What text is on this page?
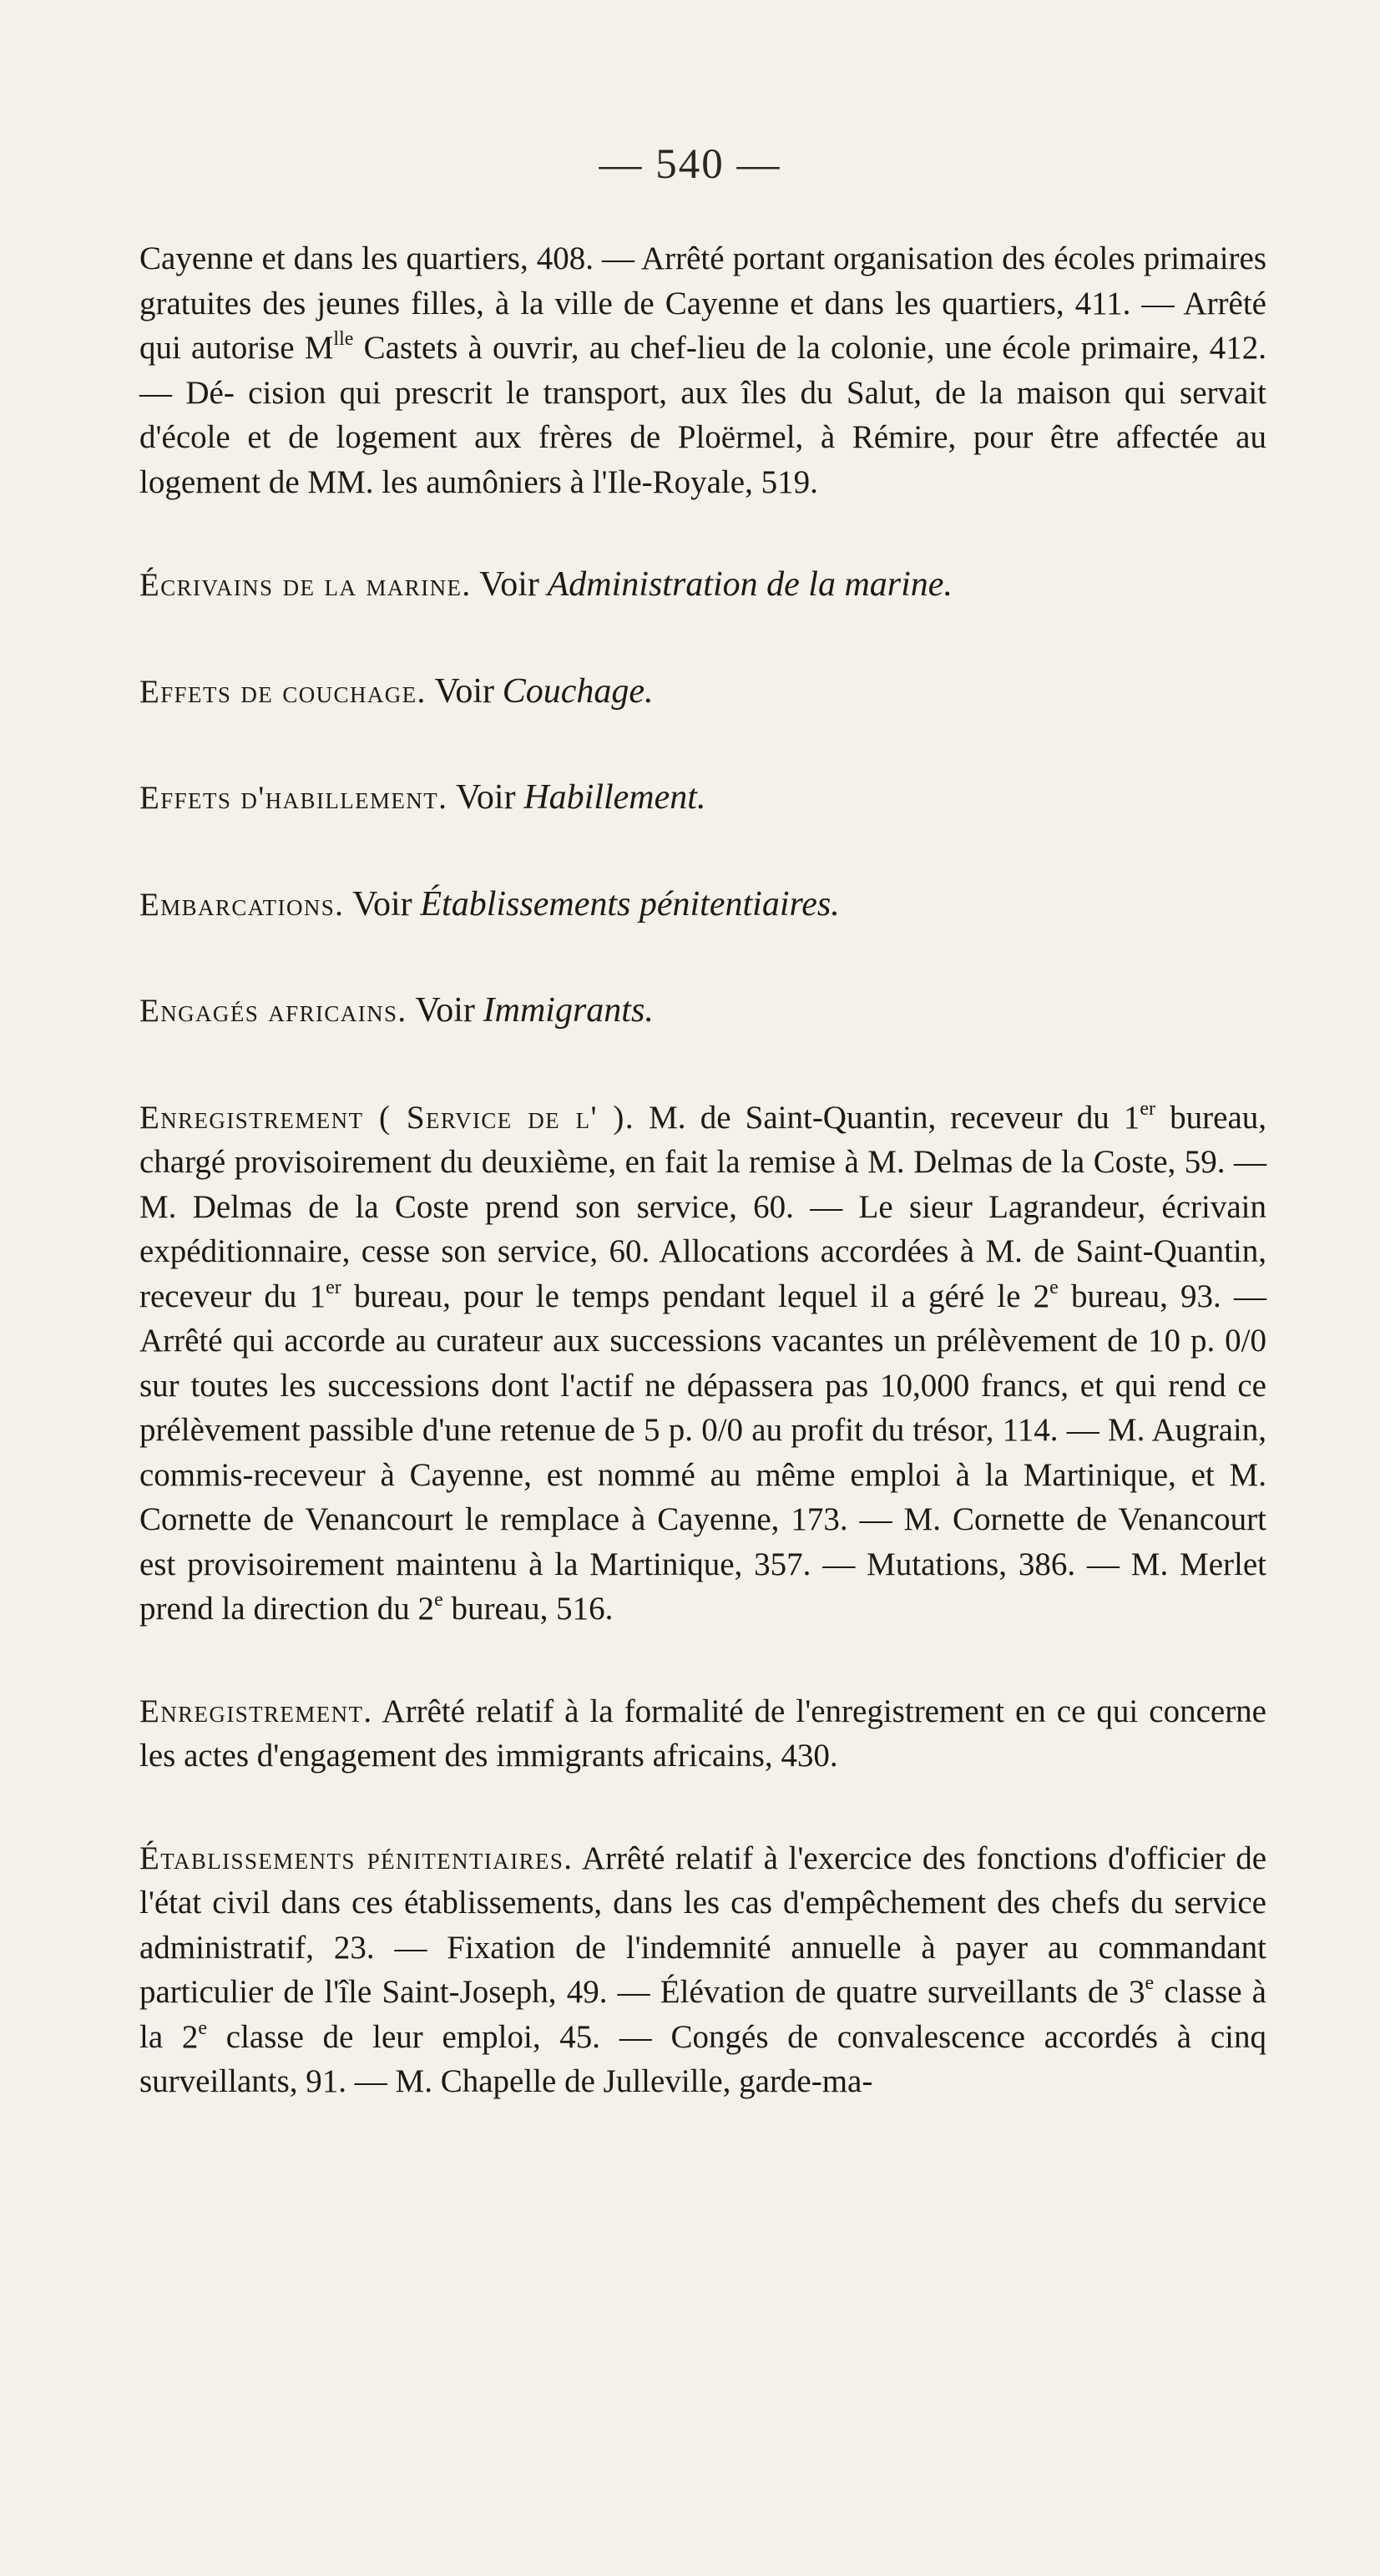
— 540 —

Cayenne et dans les quartiers, 408. — Arrêté portant organisation des écoles primaires gratuites des jeunes filles, à la ville de Cayenne et dans les quartiers, 411. — Arrêté qui autorise $M^{lle}$ Castets à ouvrir, au chef-lieu de la colonie, une école primaire, 412. — Dé- cision qui prescrit le transport, aux îles du Salut, de la maison qui servait d'école et de logement aux frères de Ploërmel, à Rémire, pour être affectée au logement de MM. les aumôniers à l'Ile-Royale, 519.

Écrivains de la marine. Voir Administration de la marine.

Effets de couchage. Voir Couchage.

Effets d'habillement. Voir Habillement.

Embarcations. Voir Établissements pénitentiaires.

Engagés africains. Voir Immigrants.

Enregistrement ( Service de l' ). M. de Saint-Quantin, receveur du 1er bureau, chargé provisoirement du deuxième, en fait la remise à M. Delmas de la Coste, 59. — M. Delmas de la Coste prend son service, 60. — Le sieur Lagrandeur, écrivain expéditionnaire, cesse son service, 60. Allocations accordées à M. de Saint-Quantin, receveur du 1er bureau, pour le temps pendant lequel il a géré le 2e bureau, 93. — Arrêté qui accorde au curateur aux successions vacantes un prélèvement de 10 p. 0/0 sur toutes les successions dont l'actif ne dépassera pas 10,000 francs, et qui rend ce prélèvement passible d'une retenue de 5 p. 0/0 au profit du trésor, 114. — M. Augrain, commis-receveur à Cayenne, est nommé au même emploi à la Martinique, et M. Cornette de Venancourt le remplace à Cayenne, 173. — M. Cornette de Venancourt est provisoirement maintenu à la Martinique, 357. — Mutations, 386. — M. Merlet prend la direction du 2e bureau, 516.

Enregistrement. Arrêté relatif à la formalité de l'enregistrement en ce qui concerne les actes d'engagement des immigrants africains, 430.

Établissements pénitentiaires. Arrêté relatif à l'exercice des fonctions d'officier de l'état civil dans ces établissements, dans les cas d'empêchement des chefs du service administratif, 23. — Fixation de l'indemnité annuelle à payer au commandant particulier de l'île Saint-Joseph, 49. — Élévation de quatre surveillants de 3e classe à la 2e classe de leur emploi, 45. — Congés de convalescence accordés à cinq surveillants, 91. — M. Chapelle de Julleville, garde-ma-
